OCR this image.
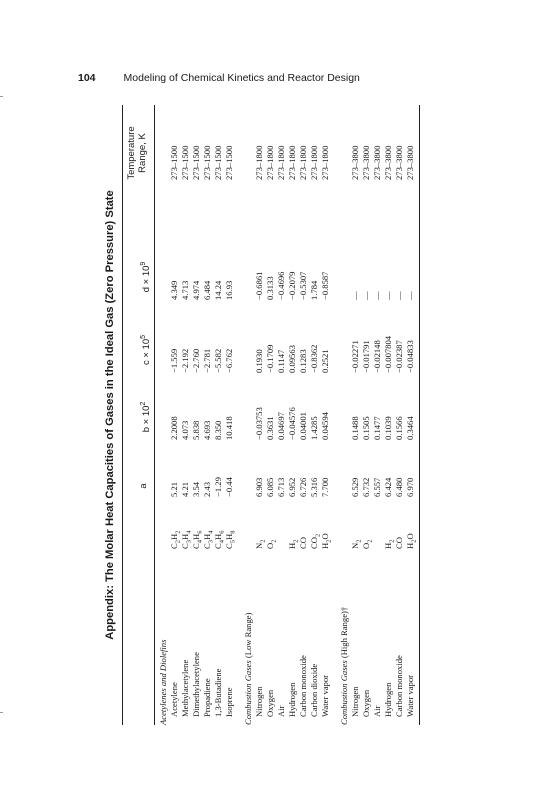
104	Modeling of Chemical Kinetics and Reactor Design
Appendix: The Molar Heat Capacities of Gases in the Ideal Gas (Zero Pressure) State a
$b \times 10^2$
$c \times 10^5$
$d \times 10^9$
Temperature Range, K
Acetylenes and Diolefins Acetylene
$C_2H_2$
5.21
2.2008
−1.559
4.349
273–1500
Methylacetylene
$C_3H_4$
4.21
4.073
−2.192
4.713
273–1500
Dimethylacetylene
$C_4H_6$
3.54
5.838
−2.760
4.974
273–1500
Propadiene
$C_3H_4$
2.43
4.693
−2.781
6.484
273–1500
1,3-Butadiene
$C_4H_6$
−1.29
8.350
−5.582
14.24
273–1500
Isoprene
$C_5H_8$
−0.44
10.418
−6.762
16.93
273–1500
Combustion Gases (Low Range)
Nitrogen
$N_2$
6.903
−0.03753
0.1930
−0.6861
273–1800
Oxygen
$O_2$
6.085
0.3631
−0.1709
0.3133
273–1800
Air
6.713
0.04697
0.1147
−0.4696
273–1800
Hydrogen
$H_2$
6.952
−0.04576
0.09563
−0.2079
273–1800
Carbon monoxide
CO
6.726
0.04001
0.1283
−0.5307
273–1800
Carbon dioxide
$CO_2$
5.316
1.4285
−0.8362
1.784
273–1800
Water vapor
$H_2O$
7.700
0.04594
0.2521
−0.8587
273–1800
Combustion Gases (High Range)†
Nitrogen
$N_2$
6.529
0.1488
−0.02271
—
273–3800
Oxygen
$O_2$
6.732
0.1505
−0.01791
—
273–3800
Air
6.557
0.1477
−0.02148
—
273–3800
Hydrogen
$H_2$
6.424
0.1039
−0.007804
—
273–3800
Carbon monoxide
CO
6.480
0.1566
−0.02387
—
273–3800
Water vapor
$H_2O$
6.970
0.3464
−0.04833
—
273–3800
